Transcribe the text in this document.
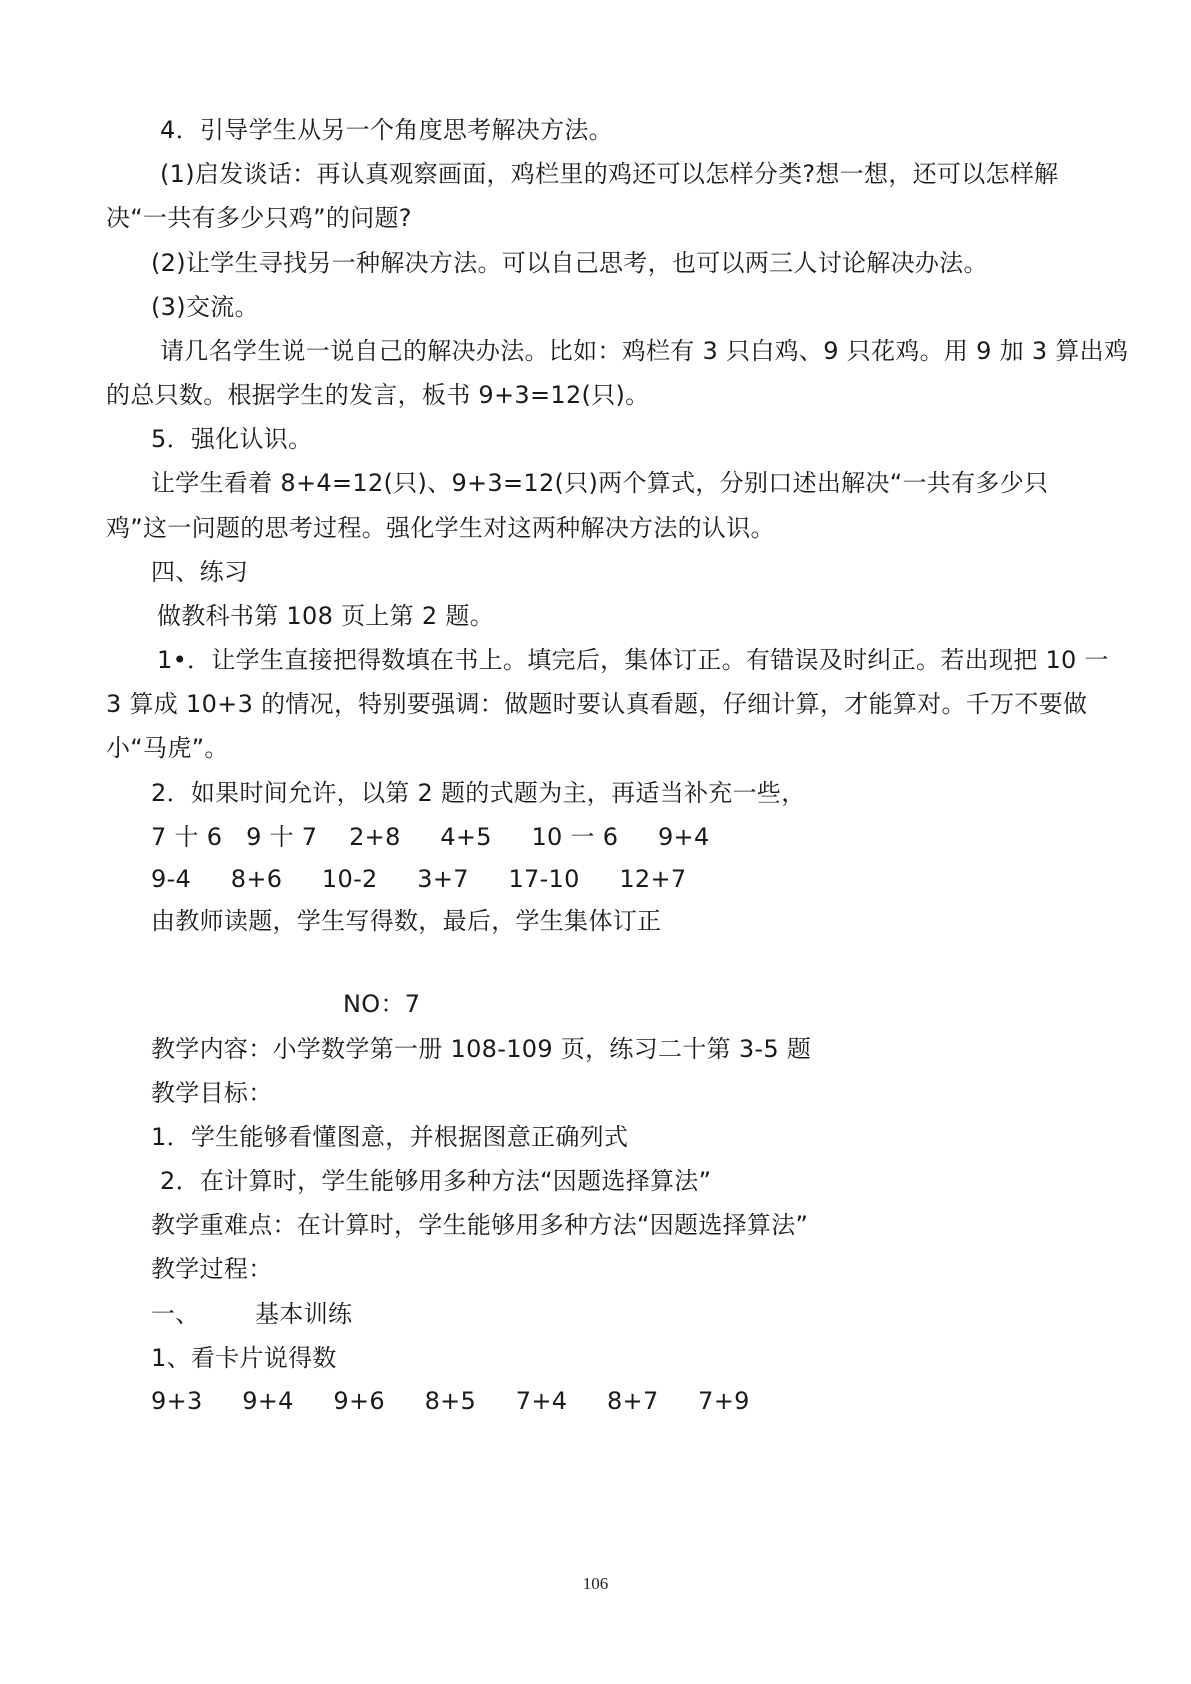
4．引导学生从另一个角度思考解决方法。
(1)启发谈话：再认真观察画面，鸡栏里的鸡还可以怎样分类?想一想，还可以怎样解
决“一共有多少只鸡”的问题?
(2)让学生寻找另一种解决方法。可以自己思考，也可以两三人讨论解决办法。
(3)交流。
请几名学生说一说自己的解决办法。比如：鸡栏有 3 只白鸡、9 只花鸡。用 9 加 3 算出鸡
的总只数。根据学生的发言，板书 9+3=12(只)。
5．强化认识。
让学生看着 8+4=12(只)、9+3=12(只)两个算式，分别口述出解决“一共有多少只
鸡”这一问题的思考过程。强化学生对这两种解决方法的认识。
四、练习
做教科书第 108 页上第 2 题。
1•．让学生直接把得数填在书上。填完后，集体订正。有错误及时纠正。若出现把 10 一
3 算成 10+3 的情况，特别要强调：做题时要认真看题，仔细计算，才能算对。千万不要做
小“马虎”。
2．如果时间允许，以第 2 题的式题为主，再适当补充一些，
7 十 6   9 十 7    2+8     4+5     10 一 6     9+4
9-4     8+6     10-2     3+7     17-10     12+7
由教师读题，学生写得数，最后，学生集体订正
NO：7
教学内容：小学数学第一册 108-109 页，练习二十第 3-5 题
教学目标：
1．学生能够看懂图意，并根据图意正确列式
2．在计算时，学生能够用多种方法“因题选择算法”
教学重难点：在计算时，学生能够用多种方法“因题选择算法”
教学过程：
一、       基本训练
1、看卡片说得数
9+3     9+4     9+6     8+5     7+4     8+7     7+9
106
